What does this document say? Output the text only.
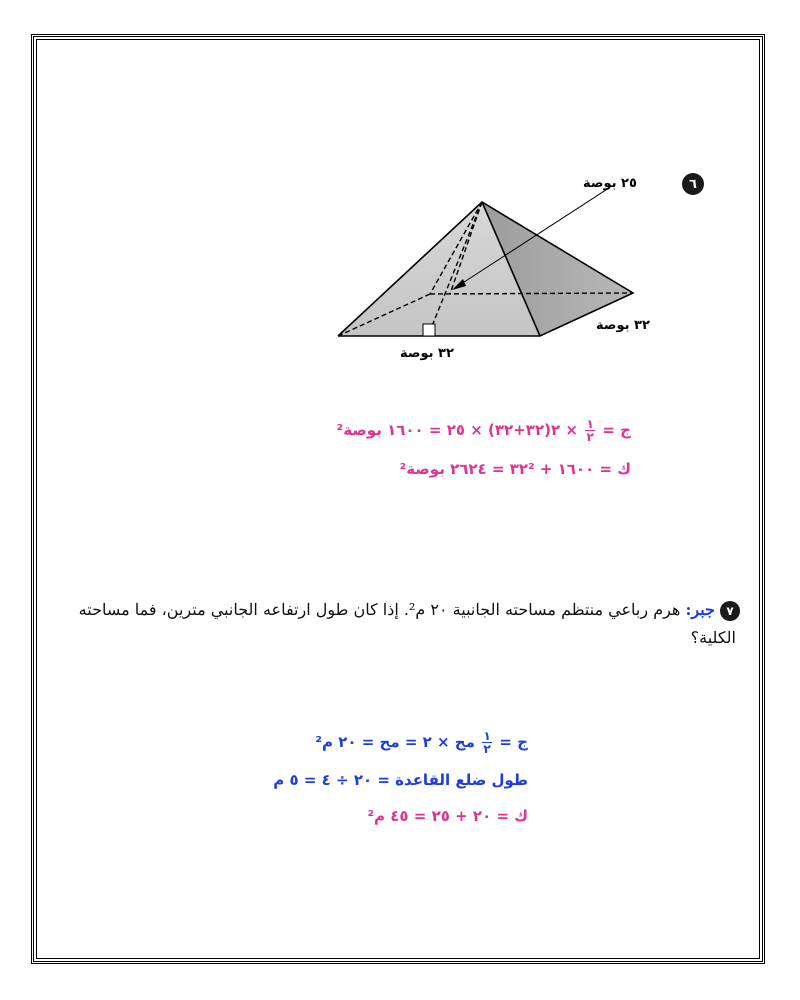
٦
٢٥ بوصة
٣٢ بوصة
٣٢ بوصة
ج =
$\frac{١}{٢}$
× ٢(٣٢+٣٢) × ٢٥ = ١٦٠٠ بوصة²
ك = ١٦٠٠ + ٣٢² = ٢٦٢٤ بوصة²
٧ جبر: هرم رباعي منتظم مساحته الجانبية ٢٠ م². إذا كان طول ارتفاعه الجانبي مترين، فما مساحته
الكلية؟
ج =
$\frac{١}{٢}$
مح × ٢ = مح = ٢٠ م²
طول ضلع القاعدة = ٢٠ ÷ ٤ = ٥ م
ك = ٢٠ + ٢٥ = ٤٥ م²
